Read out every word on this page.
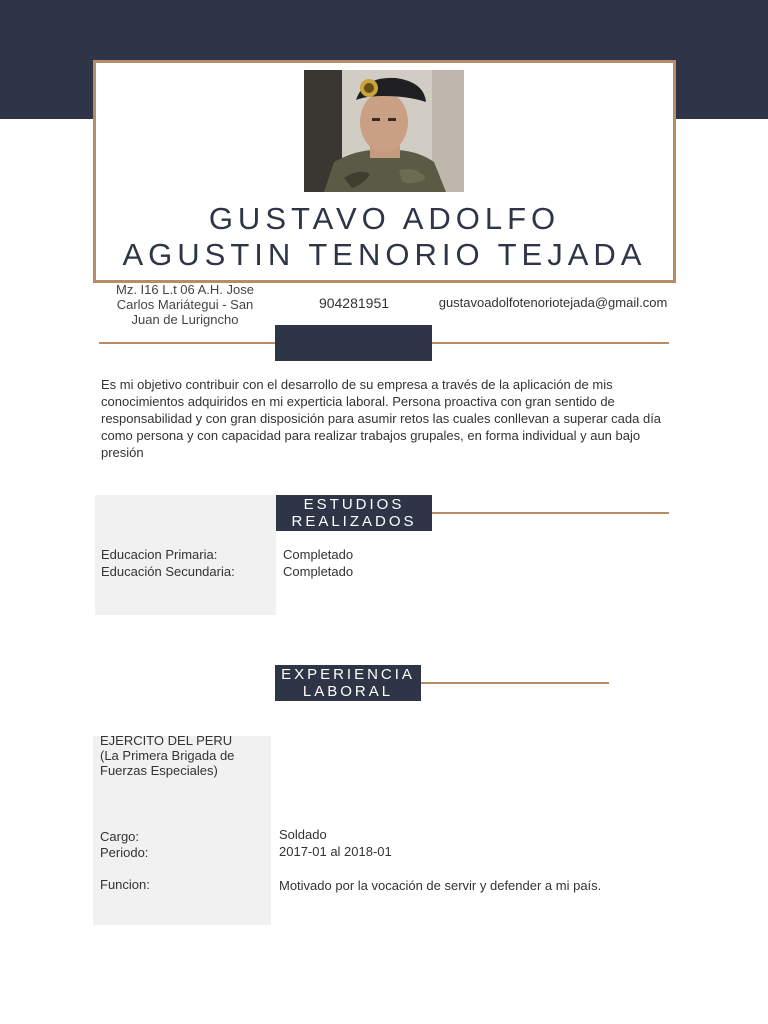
GUSTAVO ADOLFO
AGUSTIN TENORIO TEJADA
Mz. I16 L.t 06 A.H. Jose Carlos Mariátegui - San Juan de Lurigncho
904281951	gustavoadolfotenoriotejada@gmail.com

Es mi objetivo contribuir con el desarrollo de su empresa a través de la aplicación de mis conocimientos adquiridos en mi experticia laboral. Persona proactiva con gran sentido de responsabilidad y con gran disposición para asumir retos las cuales conllevan a superar cada día como persona y con capacidad para realizar trabajos grupales, en forma individual y aun bajo presión

ESTUDIOS
REALIZADOS
Educacion Primaria:	Completado
Educación Secundaria:	Completado
EXPERIENCIA
LABORAL
EJERCITO DEL PERU
(La Primera Brigada de
Fuerzas Especiales)
Cargo:	Soldado
Periodo:	2017-01 al 2018-01
Funcion:	Motivado por la vocación de servir y defender a mi país.
